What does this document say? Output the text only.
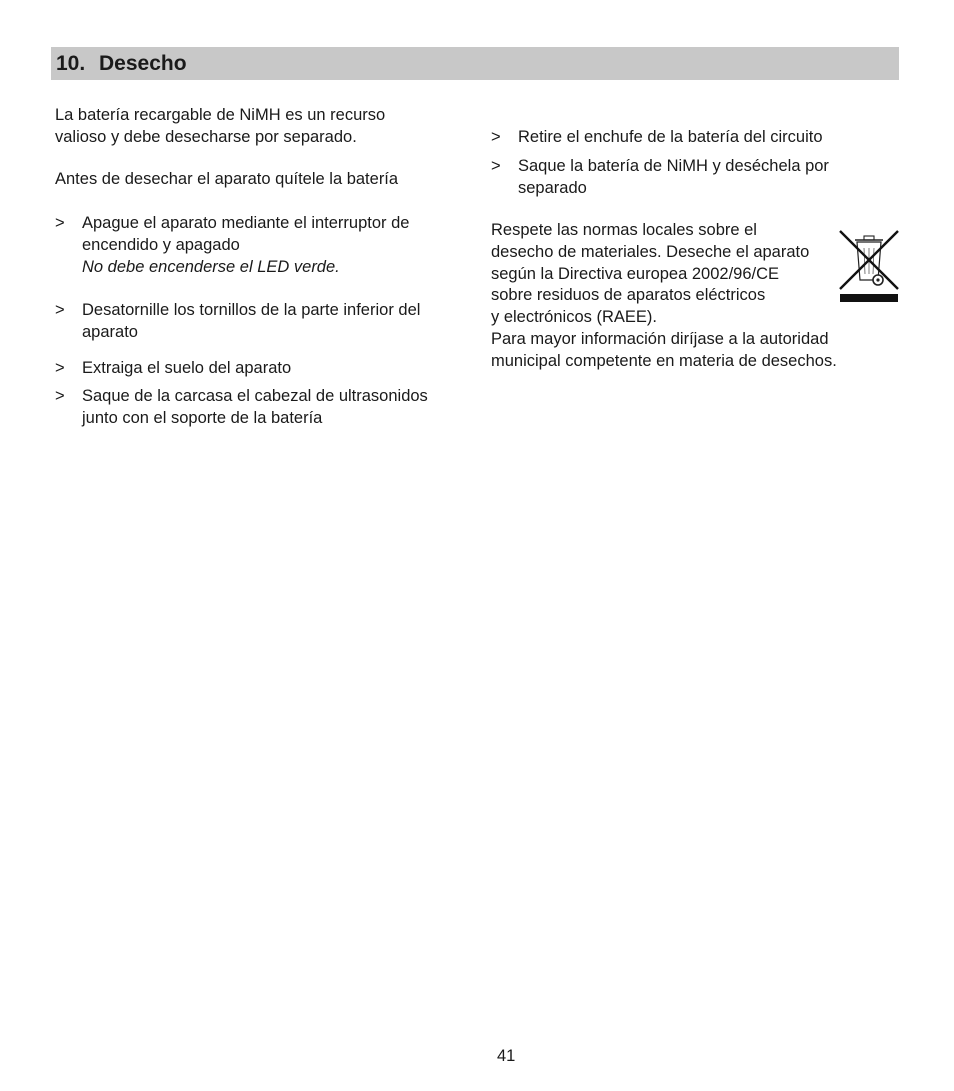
10. Desecho
La batería recargable de NiMH es un recurso
valioso y debe desecharse por separado.
Antes de desechar el aparato quítele la batería
> Apague el aparato mediante el interruptor de
encendido y apagado
No debe encenderse el LED verde.
> Desatornille los tornillos de la parte inferior del
aparato
> Extraiga el suelo del aparato
> Saque de la carcasa el cabezal de ultrasonidos
junto con el soporte de la batería
> Retire el enchufe de la batería del circuito
> Saque la batería de NiMH y deséchela por
separado
Respete las normas locales sobre el
desecho de materiales. Deseche el aparato
según la Directiva europea 2002/96/CE
sobre residuos de aparatos eléctricos
y electrónicos (RAEE).
Para mayor información diríjase a la autoridad
municipal competente en materia de desechos.
41
